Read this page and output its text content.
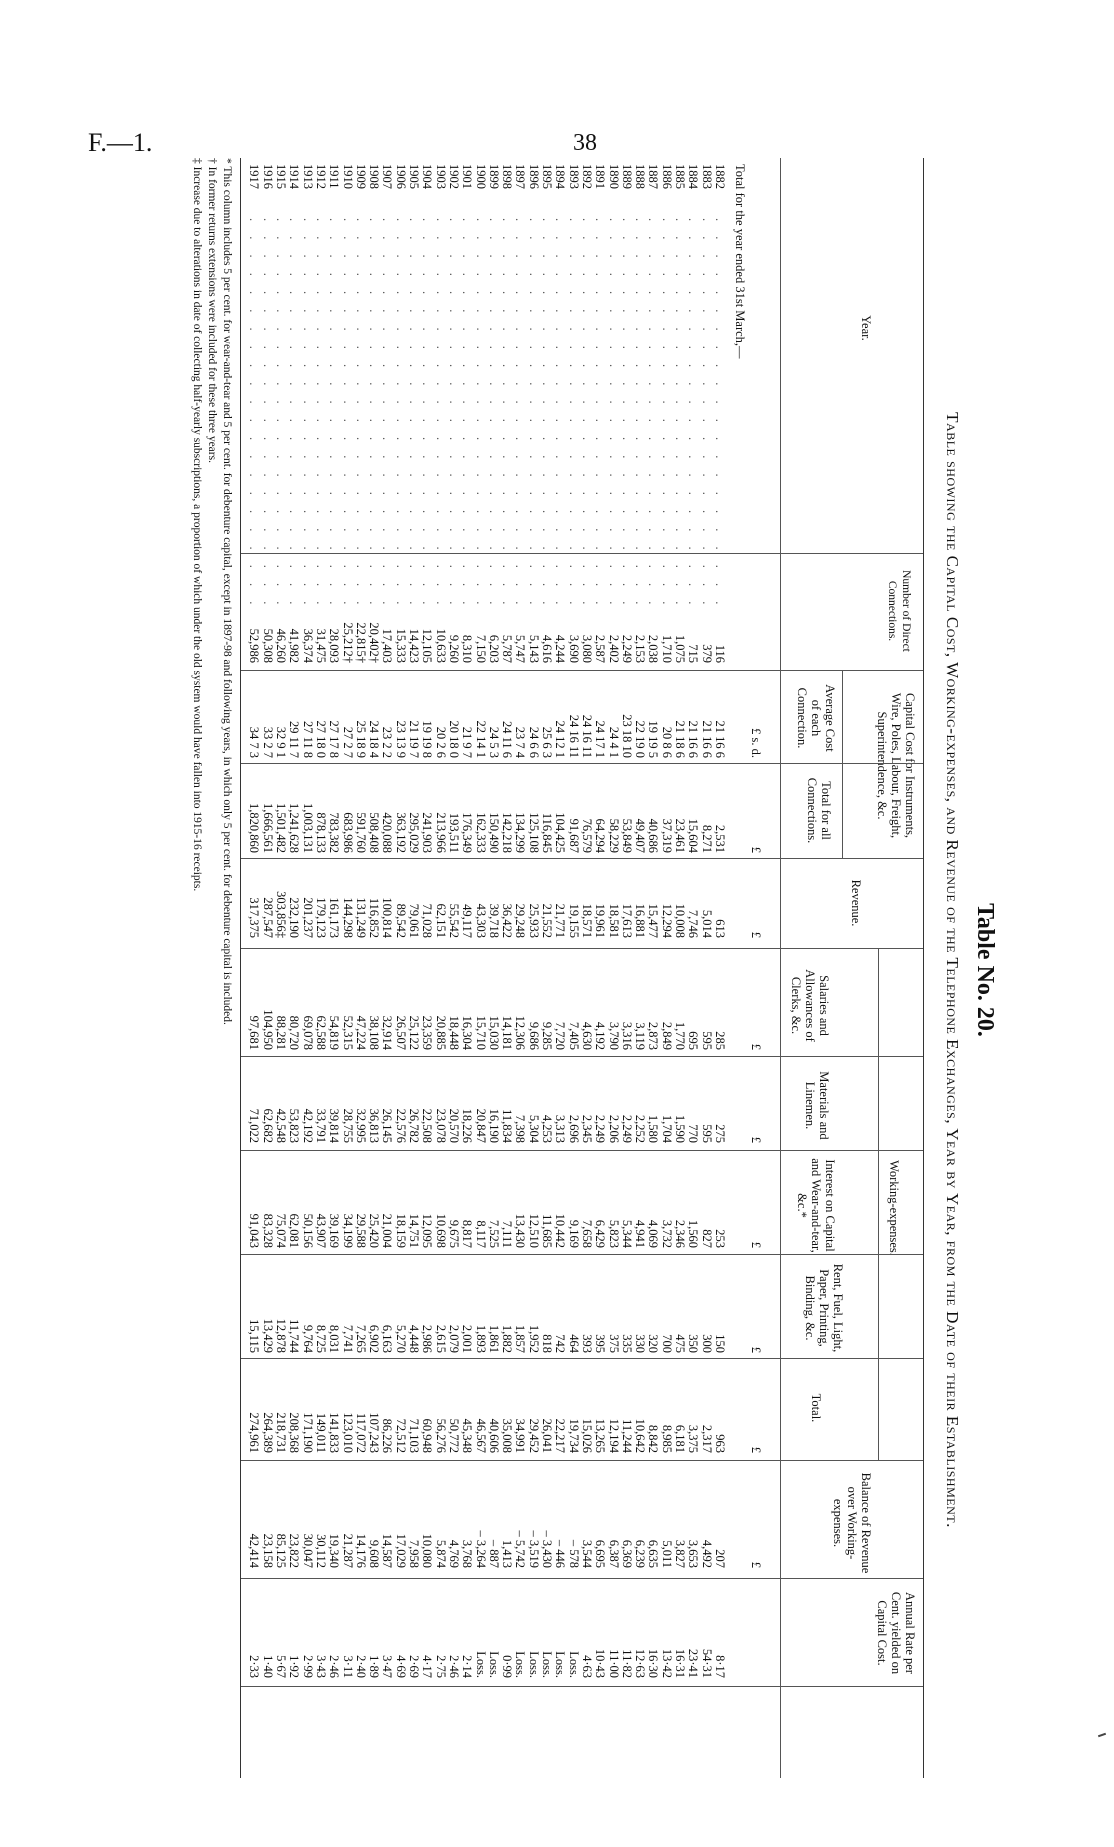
F.—1.	38
Table No. 20.
Table showing the Capital Cost, Working-expenses, and Revenue of the Telephone Exchanges, Year by Year, from the Date of their Establishment.
Year.
Number of Direct Connections.
Capital Cost for Instruments, Wire, Poles, Labour, Freight, Superintendence, &c.
Average Cost of each Connection.
Total for all Connections.
Revenue.
Working-expenses.
Salaries and Allowances of Clerks, &c.
Materials and Linemen.
Interest on Capital and Wear-and-tear, &c.*
Rent, Fuel, Light, Paper, Printing, Binding, &c.
Total.
Balance of Revenue over Working-expenses.
Annual Rate per Cent. yielded on Capital Cost.
Total for the year ended 31st March,—
£ s. d.
£
£
£
£
£
£
£
£
1882
. . . . . . . . . . . . . . . . . . . . . .
116
21 16 6
2,531
613
285
275
253
150
963
207
8·17
1883
. . . . . . . . . . . . . . . . . . . . . .
379
21 16 6
8,271
5,014
595
595
827
300
2,317
4,492
54·31
1884
. . . . . . . . . . . . . . . . . . . . . .
715
21 16 6
15,604
7,746
695
770
1,560
350
3,375
3,653
23·41
1885
. . . . . . . . . . . . . . . . . . . . . .
1,075
21 18 6
23,461
10,008
1,770
1,590
2,346
475
6,181
3,827
16·31
1886
. . . . . . . . . . . . . . . . . . . . . .
1,710
20 8 6
37,319
12,294
2,849
1,704
3,732
700
8,985
5,011
13·42
1887
. . . . . . . . . . . . . . . . . . . . . .
2,038
19 19 5
40,686
15,477
2,873
1,580
4,069
320
8,842
6,635
16·30
1888
. . . . . . . . . . . . . . . . . . . . . .
2,153
22 19 0
49,407
16,881
3,119
2,252
4,941
330
10,642
6,239
12·63
1889
. . . . . . . . . . . . . . . . . . . . . .
2,249
23 18 10
53,849
17,613
3,316
2,249
5,344
335
11,244
6,369
11·82
1890
. . . . . . . . . . . . . . . . . . . . . .
2,402
24 4 1
58,229
18,581
3,790
2,206
5,823
375
12,194
6,387
11·00
1891
. . . . . . . . . . . . . . . . . . . . . .
2,587
24 17 1
64,294
19,961
4,192
2,249
6,429
395
13,265
6,695
10·43
1892
. . . . . . . . . . . . . . . . . . . . . .
3,080
24 16 11
76,579
18,571
4,630
2,345
7,658
393
15,026
3,544
4·63
1893
. . . . . . . . . . . . . . . . . . . . . .
3,690
24 16 11
91,687
19,155
7,405
2,696
9,169
464
19,734
– 578
Loss.
1894
. . . . . . . . . . . . . . . . . . . . . .
4,244
24 12 1
104,425
21,771
7,720
3,313
10,442
742
22,217
– 446
Loss.
1895
. . . . . . . . . . . . . . . . . . . . . .
4,616
25 6 3
116,845
21,552
9,285
4,253
11,685
818
26,041
– 3,430
Loss.
1896
. . . . . . . . . . . . . . . . . . . . . .
5,143
24 6 6
125,108
25,933
9,686
5,304
12,510
1,952
29,452
– 3,519
Loss.
1897
. . . . . . . . . . . . . . . . . . . . . .
5,747
23 7 4
134,299
29,248
12,306
7,398
13,430
1,857
34,991
– 5,742
Loss.
1898
. . . . . . . . . . . . . . . . . . . . . .
5,787
24 11 6
142,218
36,422
14,181
11,834
7,111
1,882
35,008
1,413
0·99
1899
. . . . . . . . . . . . . . . . . . . . . .
6,203
24 5 3
150,490
39,718
15,030
16,190
7,525
1,861
40,606
– 887
Loss.
1900
. . . . . . . . . . . . . . . . . . . . . .
7,150
22 14 1
162,333
43,303
15,710
20,847
8,117
1,893
46,567
– 3,264
Loss.
1901
. . . . . . . . . . . . . . . . . . . . . .
8,310
21 9 7
176,349
49,117
16,304
18,226
8,817
2,001
45,348
3,768
2·14
1902
. . . . . . . . . . . . . . . . . . . . . .
9,260
20 18 0
193,511
55,542
18,448
20,570
9,675
2,079
50,772
4,769
2·46
1903
. . . . . . . . . . . . . . . . . . . . . .
10,633
20 2 6
213,966
62,151
20,885
23,078
10,698
2,615
56,276
5,874
2·75
1904
. . . . . . . . . . . . . . . . . . . . . .
12,105
19 19 8
241,903
71,028
23,359
22,508
12,095
2,986
60,948
10,080
4·17
1905
. . . . . . . . . . . . . . . . . . . . . .
14,423
21 19 7
295,029
79,061
25,122
26,782
14,751
4,448
71,103
7,958
2·69
1906
. . . . . . . . . . . . . . . . . . . . . .
15,333
23 13 9
363,192
89,542
26,507
22,576
18,159
5,270
72,512
17,029
4·69
1907
. . . . . . . . . . . . . . . . . . . . . .
17,403
23 2 2
420,088
100,814
32,914
26,145
21,004
6,163
86,226
14,587
3·47
1908
. . . . . . . . . . . . . . . . . . . . . .
20,402†
24 18 4
508,408
116,852
38,108
36,813
25,420
6,902
107,243
9,608
1·89
1909
. . . . . . . . . . . . . . . . . . . . . .
22,815†
25 18 9
591,760
131,249
47,224
32,995
29,588
7,265
117,072
14,176
2·40
1910
. . . . . . . . . . . . . . . . . . . . . .
25,212†
27 2 7
683,986
144,298
52,315
28,755
34,199
7,741
123,010
21,287
3·11
1911
. . . . . . . . . . . . . . . . . . . . . .
28,093
27 17 8
783,382
161,173
54,819
39,814
39,169
8,031
141,833
19,340
2·46
1912
. . . . . . . . . . . . . . . . . . . . . .
31,475
27 18 0
878,133
179,123
62,588
33,791
43,907
8,725
149,011
30,112
3·43
1913
. . . . . . . . . . . . . . . . . . . . . .
36,374
27 11 8
1,003,131
201,237
69,078
42,192
50,156
9,764
171,190
30,047
2·99
1914
. . . . . . . . . . . . . . . . . . . . . .
41,982
29 11 7
1,241,628
232,190
80,720
53,823
62,081
11,744
208,368
23,822
1·92
1915
. . . . . . . . . . . . . . . . . . . . . .
46,260
32 9 1
1,501,482
303,856‡
88,281
42,548
75,074
12,878
218,731
85,125
5·67
1916
. . . . . . . . . . . . . . . . . . . . . .
50,308
33 2 7
1,666,561
287,547
104,950
62,682
83,328
13,429
264,389
23,158
1·40
1917
. . . . . . . . . . . . . . . . . . . . . .
52,986
34 7 3
1,820,860
317,375
97,681
71,022
91,043
15,115
274,961
42,414
2·33
* This column includes 5 per cent. for wear-and-tear and 5 per cent. for debenture capital, except in 1897-98 and following years, in which only 5 per cent. for debenture capital is included.
† In former returns extensions were included for these three years.
‡ Increase due to alterations in date of collecting half-yearly subscriptions, a proportion of which under the old system would have fallen into 1915-16 receipts.
